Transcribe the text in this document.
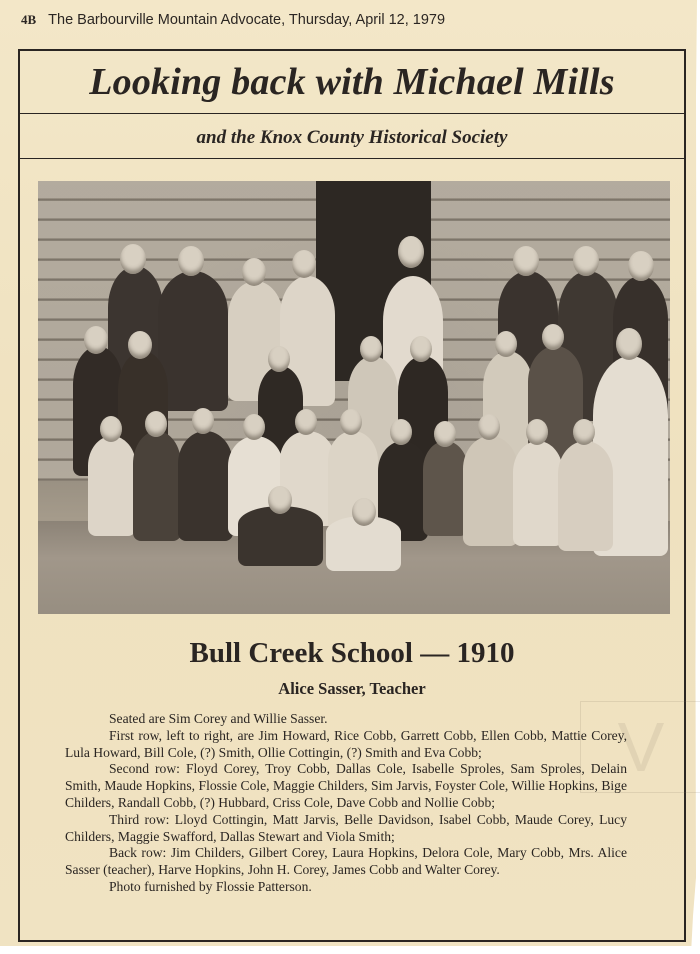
4B The Barbourville Mountain Advocate, Thursday, April 12, 1979
Looking back with Michael Mills
and the Knox County Historical Society
Bull Creek School — 1910
Alice Sasser, Teacher
V

Seated are Sim Corey and Willie Sasser.

First row, left to right, are Jim Howard, Rice Cobb, Garrett Cobb, Ellen Cobb, Mattie Corey, Lula Howard, Bill Cole, (?) Smith, Ollie Cottingin, (?) Smith and Eva Cobb;

Second row: Floyd Corey, Troy Cobb, Dallas Cole, Isabelle Sproles, Sam Sproles, Delain Smith, Maude Hopkins, Flossie Cole, Maggie Childers, Sim Jarvis, Foyster Cole, Willie Hopkins, Bige Childers, Randall Cobb, (?) Hubbard, Criss Cole, Dave Cobb and Nollie Cobb;

Third row: Lloyd Cottingin, Matt Jarvis, Belle Davidson, Isabel Cobb, Maude Corey, Lucy Childers, Maggie Swafford, Dallas Stewart and Viola Smith;

Back row: Jim Childers, Gilbert Corey, Laura Hopkins, Delora Cole, Mary Cobb, Mrs. Alice Sasser (teacher), Harve Hopkins, John H. Corey, James Cobb and Walter Corey.

Photo furnished by Flossie Patterson.
